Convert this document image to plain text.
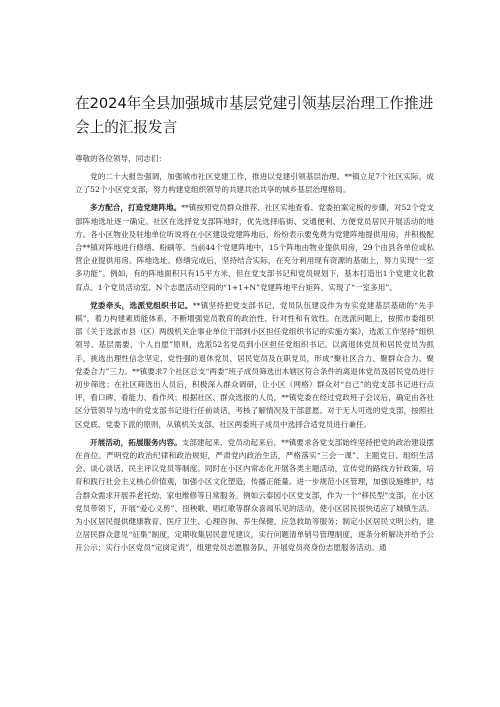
在2024年全县加强城市基层党建引领基层治理工作推进会上的汇报发言

尊敬的各位领导，同志们：

党的二十大报告强调，加强城市社区党建工作，推进以党建引领基层治理。**镇立足7个社区实际，成立了52个小区党支部，努力构建党组织领导的共建共治共享的城乡基层治理格局。

多方配合，打造党建阵地。**镇按照党员群众推荐、社区实地查看、党委拍案定板的步骤，对52个党支部阵地选址逐一确定。社区在选择党支部阵地时，优先选择临街、交通便利、方便党员居民开展活动的地方。各小区物业及驻地单位听说将在小区建设党建阵地后，纷纷表示要免费为党建阵地提供用房，并积极配合**镇对阵地进行修缮、粉刷等。当前44个党建阵地中，15个阵地由物业提供用房，29个由县各单位或私营企业提供用房。阵地选址、修缮完成后，坚持结合实际，在充分利用现有资源的基础上，努力实现“一室多功能”。例如，有的阵地面积只有15平方米，但在党支部书记和党员规划下，基本打造出1个党建文化教育点、1个党员活动室、N个志愿活动空间的“1+1+N”党建阵地平台矩阵，实现了“一室多用”。

党委牵头，选派党组织书记。**镇坚持把党支部书记、党员队伍建设作为夯实党建基层基础的“先手棋”，着力构建素质能体系，不断增强党员教育的政治性、针对性和有效性。在选派问题上，按照市委组织部《关于选派市县（区）两级机关企事业单位干部到小区担任党组织书记的实施方案》，选派工作坚持“组织领导、基层需要、个人自愿”原则，选派52名党员到小区担任党组织书记。以离退休党员和居民党员为抓手，挑选出理性信念坚定、党性强的退休党员、居民党员及在职党员，形成“聚社区合力、聚群众合力、聚党委合力”三力。**镇要求7个社区总支“两委”班子成员筛选出本辖区符合条件的离退休党员及居民党员进行初步筛选；在社区筛选出人员后，积极深入群众调研，让小区（网格）群众对“自己”的党支部书记进行点评，看口碑、看能力、看作风；根据社区、群众选报的人员，**镇党委在经过党政班子会议后，确定由各社区分管领导与选中的党支部书记进行任前谈话，考核了解情况及干部意愿。对于无人可选的党支部，按照社区党底、党委下派的原则，从镇机关支部、社区两委班子成员中选择合适党员进行兼任。

开展活动，拓展服务内容。支部建起来、党员动起来后，**镇要求各党支部始终坚持把党的政治建设摆在首位。严明党的政治纪律和政治规矩，严肃党内政治生活，严格落实“三会一课”、主题党日、组织生活会、谈心谈话、民主评议党员等制度。同时在小区内常态化开展各类主题活动，宣传党的路线方针政策，培育和践行社会主义核心价值观，加强小区文化塑造，传播正能量。进一步规范小区管理，加强设施维护，结合群众需求开展养老托幼、家电维修等日常服务。例如云泰园小区党支部，作为一个“移民型”支部，在小区党员带领下，开展“爱心义剪”、扭秧歌、唱红歌等群众喜闻乐见的活动，使小区居民很快适应了城镇生活。为小区居民提供健康教育、医疗卫生、心理咨询、养生保健、应急救助等服务；制定小区居民文明公约，建立居民群众意见“征集”制度，定期收集居民意见建议，实行问题清单销号管理制度，逐条分析解决并给予公开公示；实行小区党员“定岗定责”，组建党员志愿服务队，开展党员亮身份志愿服务活动。通
